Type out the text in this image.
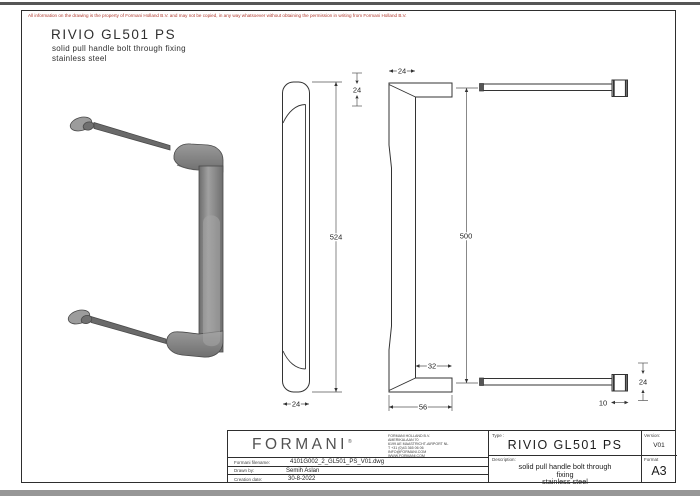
All information on the drawing is the property of Formani Holland B.V. and may not be copied, in any way whatsoever without obtaining the permission in writing from Formani Holland B.V.
RIVIO GL501 PS
solid pull handle bolt through fixing
stainless steel
524
24
24
24
500
32
56
24
10
FORMANI®
FORMANI HOLLAND B.V.
AMERIKALAAN 70
6199 AE MAASTRICHT-AIRPORT NL
T +31 (0)43 365 06 06
INFO@FORMANI.COM
WWW.FORMANI.COM
Formani filename:	4101G002_2_GL501_PS_V01.dwg
Drawn by:	Semih Aslan
Creation date:	30-8-2022
Type :
RIVIO GL501 PS
Description:
solid pull handle bolt through
fixing
stainless steel
Version:
V01
Format
A3
